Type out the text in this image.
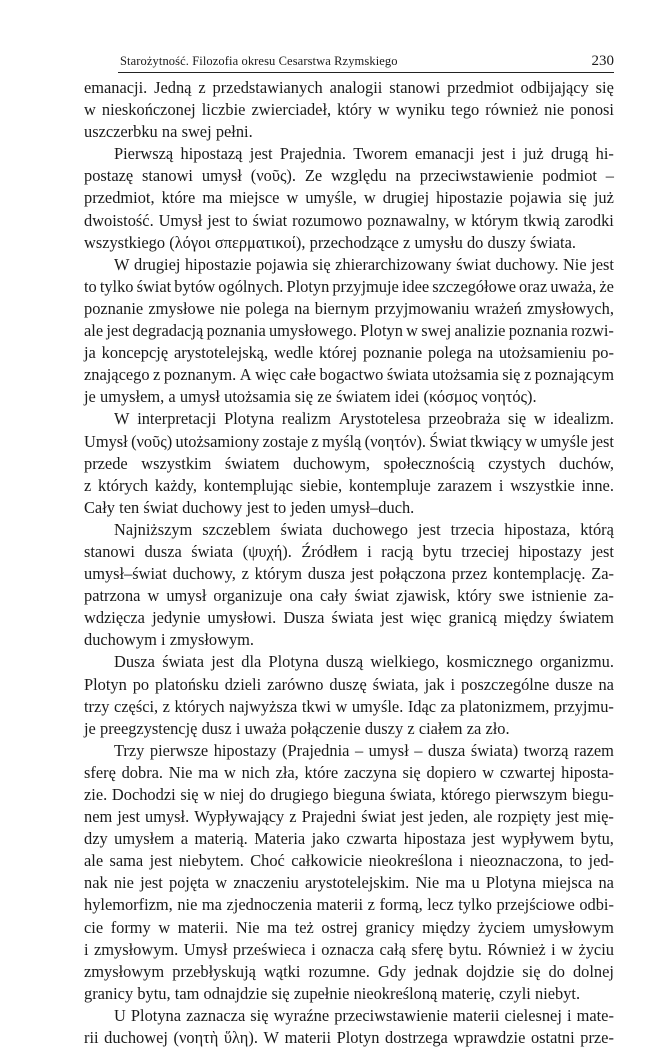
Starożytność. Filozofia okresu Cesarstwa Rzymskiego	230
emanacji. Jedną z przedstawianych analogii stanowi przedmiot odbijający się
w nieskończonej liczbie zwierciadeł, który w wyniku tego również nie ponosi
uszczerbku na swej pełni.
Pierwszą hipostazą jest Prajednia. Tworem emanacji jest i już drugą hi-
postazę stanowi umysł (νοῦς). Ze względu na przeciwstawienie podmiot –
przedmiot, które ma miejsce w umyśle, w drugiej hipostazie pojawia się już
dwoistość. Umysł jest to świat rozumowo poznawalny, w którym tkwią zarodki
wszystkiego (λόγοι σπερματικοί), przechodzące z umysłu do duszy świata.
W drugiej hipostazie pojawia się zhierarchizowany świat duchowy. Nie jest
to tylko świat bytów ogólnych. Plotyn przyjmuje idee szczegółowe oraz uważa, że
poznanie zmysłowe nie polega na biernym przyjmowaniu wrażeń zmysłowych,
ale jest degradacją poznania umysłowego. Plotyn w swej analizie poznania rozwi-
ja koncepcję arystotelejską, wedle której poznanie polega na utożsamieniu po-
znającego z poznanym. A więc całe bogactwo świata utożsamia się z poznającym
je umysłem, a umysł utożsamia się ze światem idei (κόσμος νοητός).
W interpretacji Plotyna realizm Arystotelesa przeobraża się w idealizm.
Umysł (νοῦς) utożsamiony zostaje z myślą (νοητόν). Świat tkwiący w umyśle jest
przede wszystkim światem duchowym, społecznością czystych duchów,
z których każdy, kontemplując siebie, kontempluje zarazem i wszystkie inne.
Cały ten świat duchowy jest to jeden umysł–duch.
Najniższym szczeblem świata duchowego jest trzecia hipostaza, którą
stanowi dusza świata (ψυχή). Źródłem i racją bytu trzeciej hipostazy jest
umysł–świat duchowy, z którym dusza jest połączona przez kontemplację. Za-
patrzona w umysł organizuje ona cały świat zjawisk, który swe istnienie za-
wdzięcza jedynie umysłowi. Dusza świata jest więc granicą między światem
duchowym i zmysłowym.
Dusza świata jest dla Plotyna duszą wielkiego, kosmicznego organizmu.
Plotyn po platońsku dzieli zarówno duszę świata, jak i poszczególne dusze na
trzy części, z których najwyższa tkwi w umyśle. Idąc za platonizmem, przyjmu-
je preegzystencję dusz i uważa połączenie duszy z ciałem za zło.
Trzy pierwsze hipostazy (Prajednia – umysł – dusza świata) tworzą razem
sferę dobra. Nie ma w nich zła, które zaczyna się dopiero w czwartej hiposta-
zie. Dochodzi się w niej do drugiego bieguna świata, którego pierwszym biegu-
nem jest umysł. Wypływający z Prajedni świat jest jeden, ale rozpięty jest mię-
dzy umysłem a materią. Materia jako czwarta hipostaza jest wypływem bytu,
ale sama jest niebytem. Choć całkowicie nieokreślona i nieoznaczona, to jed-
nak nie jest pojęta w znaczeniu arystotelejskim. Nie ma u Plotyna miejsca na
hylemorfizm, nie ma zjednoczenia materii z formą, lecz tylko przejściowe odbi-
cie formy w materii. Nie ma też ostrej granicy między życiem umysłowym
i zmysłowym. Umysł prześwieca i oznacza całą sferę bytu. Również i w życiu
zmysłowym przebłyskują wątki rozumne. Gdy jednak dojdzie się do dolnej
granicy bytu, tam odnajdzie się zupełnie nieokreśloną materię, czyli niebyt.
U Plotyna zaznacza się wyraźne przeciwstawienie materii cielesnej i mate-
rii duchowej (νοητὴ ὕλη). W materii Plotyn dostrzega wprawdzie ostatni prze-
